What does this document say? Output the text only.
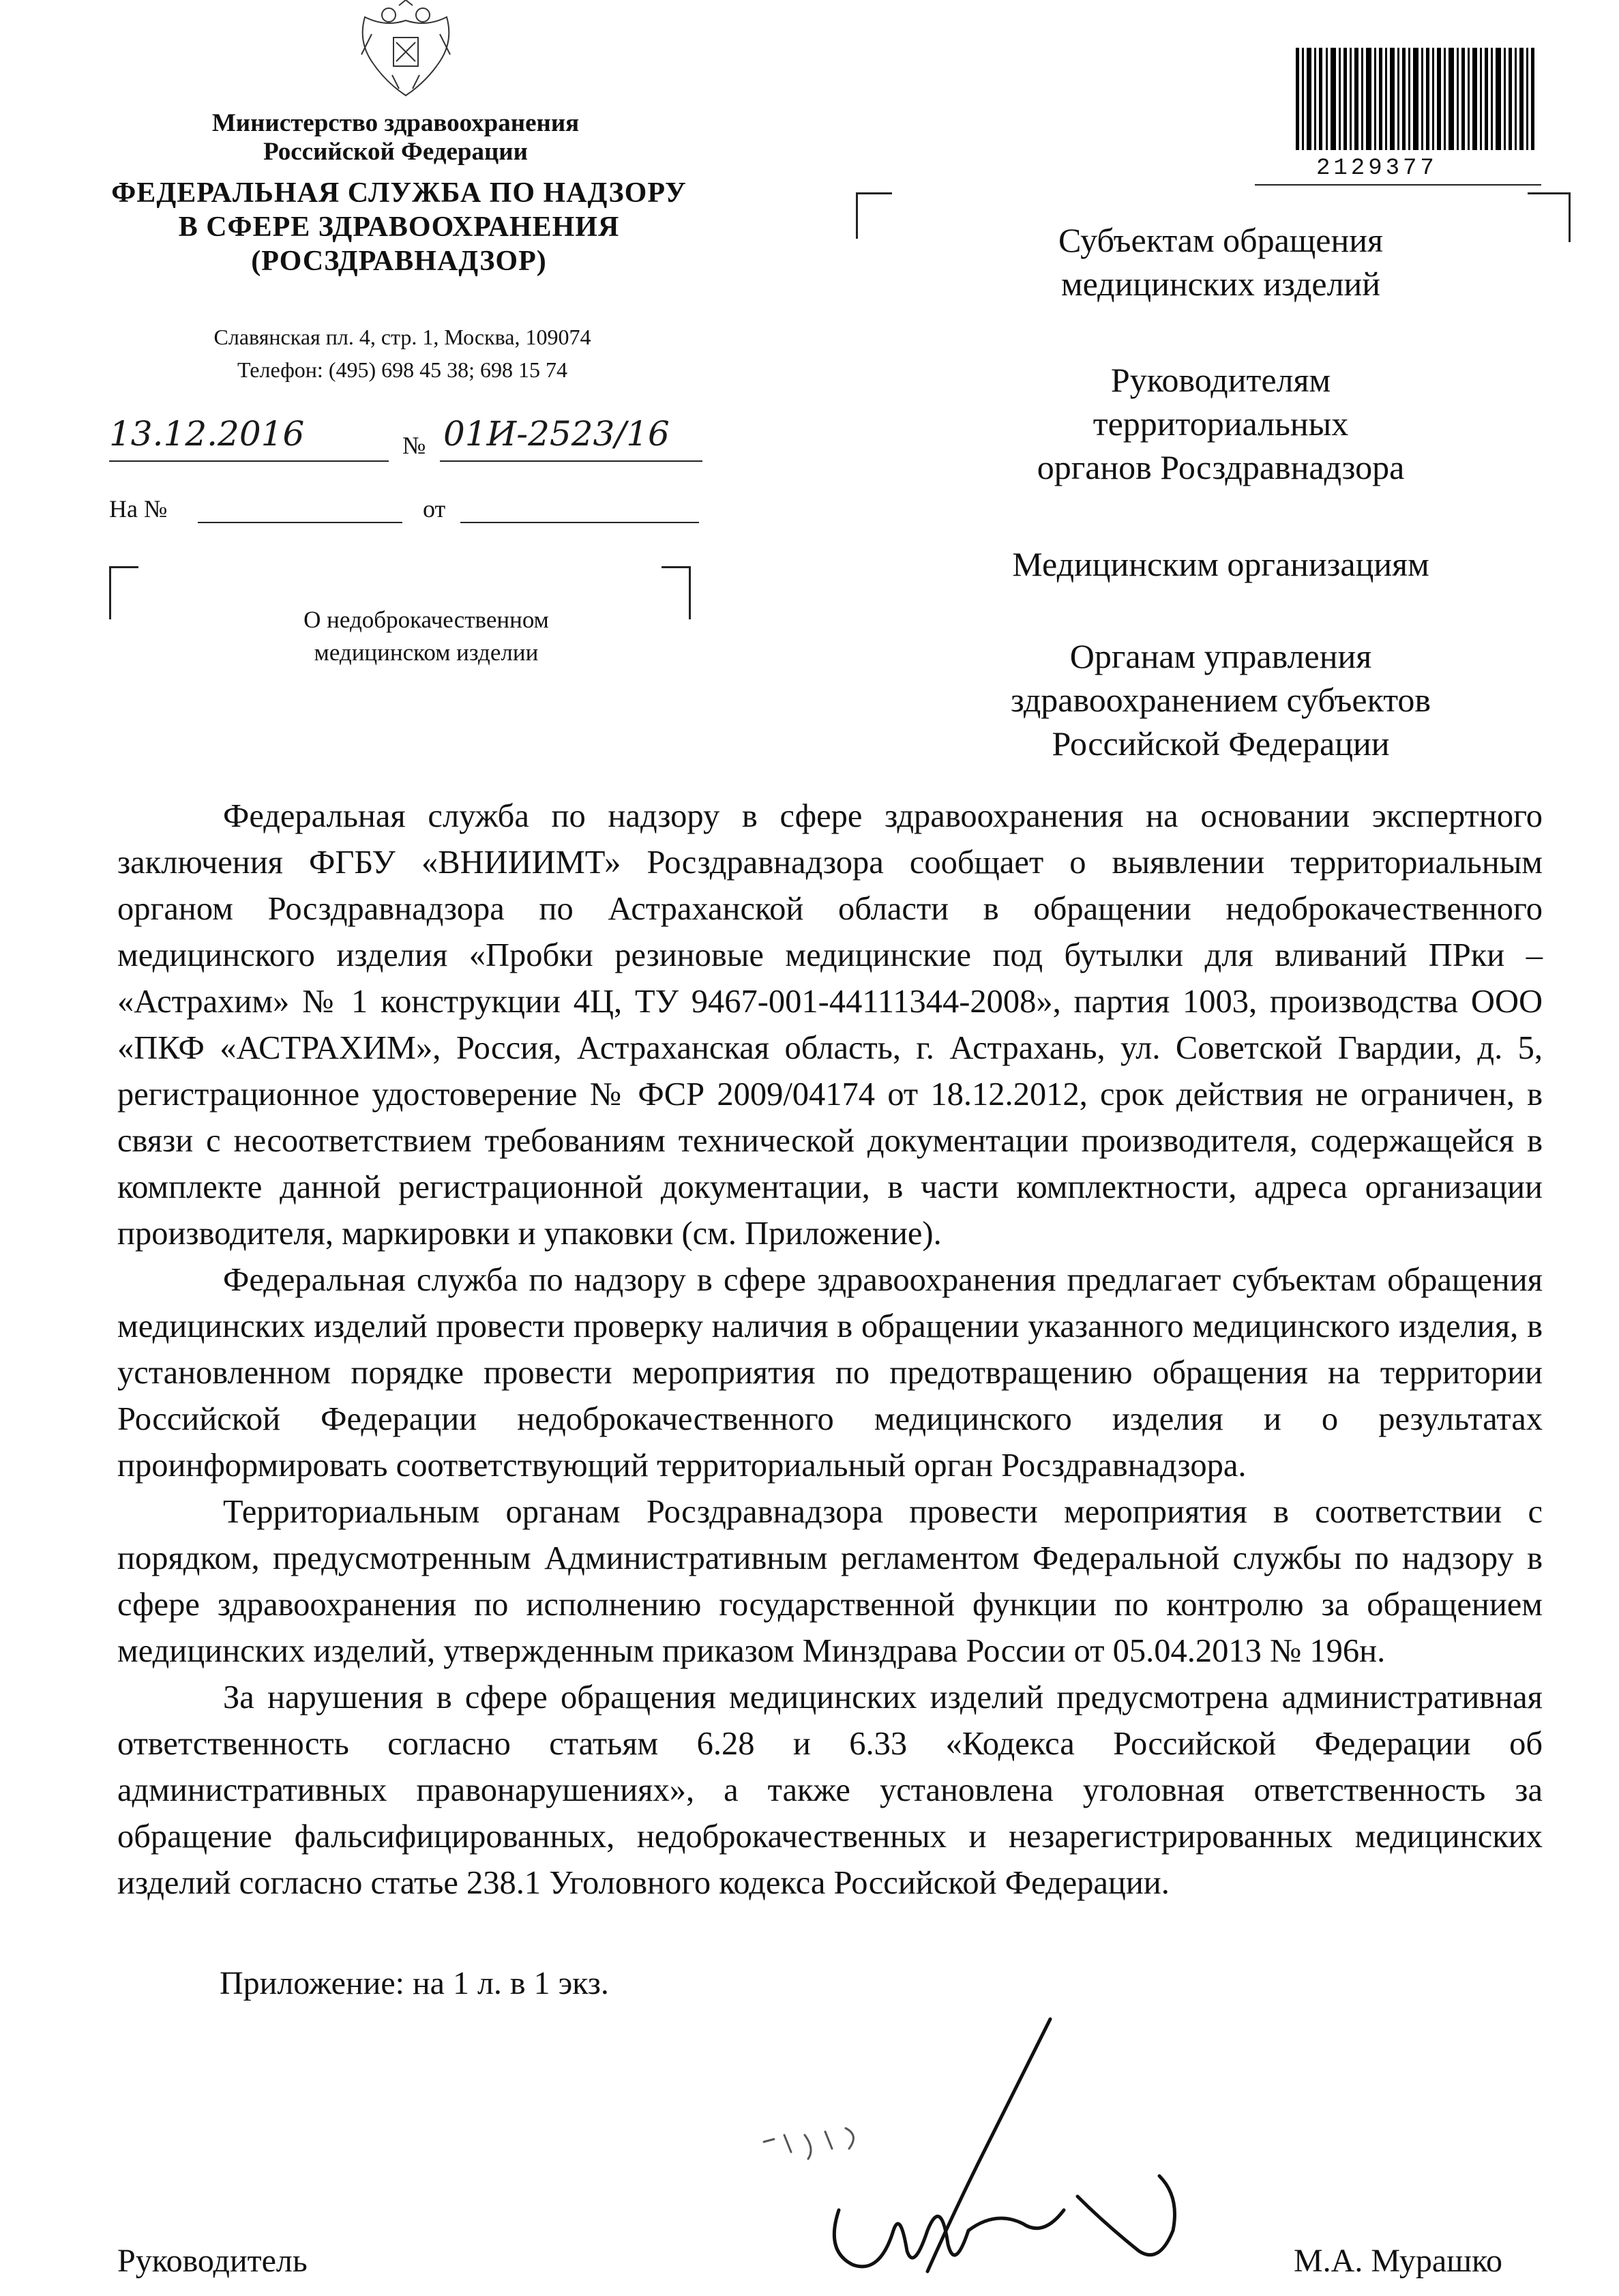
Министерство здравоохранения
Российской Федерации
ФЕДЕРАЛЬНАЯ СЛУЖБА ПО НАДЗОРУ
В СФЕРЕ ЗДРАВООХРАНЕНИЯ
(РОСЗДРАВНАДЗОР)
Славянская пл. 4, стр. 1, Москва, 109074
Телефон: (495) 698 45 38; 698 15 74
13.12.2016	№ 01И-2523/16
На №	от
О недоброкачественном
медицинском изделии
2129377
Субъектам обращения
медицинских изделий
Руководителям
территориальных
органов Росздравнадзора
Медицинским организациям
Органам управления
здравоохранением субъектов
Российской Федерации

Федеральная служба по надзору в сфере здравоохранения на основании экспертного заключения ФГБУ «ВНИИИМТ» Росздравнадзора сообщает о выявлении территориальным органом Росздравнадзора по Астраханской области в обращении недоброкачественного медицинского изделия «Пробки резиновые медицинские под бутылки для вливаний ПРки – «Астрахим» № 1 конструкции 4Ц, ТУ 9467-001-44111344-2008», партия 1003, производства ООО «ПКФ «АСТРАХИМ», Россия, Астраханская область, г. Астрахань, ул. Советской Гвардии, д. 5, регистрационное удостоверение № ФСР 2009/04174 от 18.12.2012, срок действия не ограничен, в связи с несоответствием требованиям технической документации производителя, содержащейся в комплекте данной регистрационной документации, в части комплектности, адреса организации производителя, маркировки и упаковки (см. Приложение).

Федеральная служба по надзору в сфере здравоохранения предлагает субъектам обращения медицинских изделий провести проверку наличия в обращении указанного медицинского изделия, в установленном порядке провести мероприятия по предотвращению обращения на территории Российской Федерации недоброкачественного медицинского изделия и о результатах проинформировать соответствующий территориальный орган Росздравнадзора.

Территориальным органам Росздравнадзора провести мероприятия в соответствии с порядком, предусмотренным Административным регламентом Федеральной службы по надзору в сфере здравоохранения по исполнению государственной функции по контролю за обращением медицинских изделий, утвержденным приказом Минздрава России от 05.04.2013 № 196н.

За нарушения в сфере обращения медицинских изделий предусмотрена административная ответственность согласно статьям 6.28 и 6.33 «Кодекса Российской Федерации об административных правонарушениях», а также установлена уголовная ответственность за обращение фальсифицированных, недоброкачественных и незарегистрированных медицинских изделий согласно статье 238.1 Уголовного кодекса Российской Федерации.

Приложение: на 1 л. в 1 экз.
Руководитель	М.А. Мурашко
